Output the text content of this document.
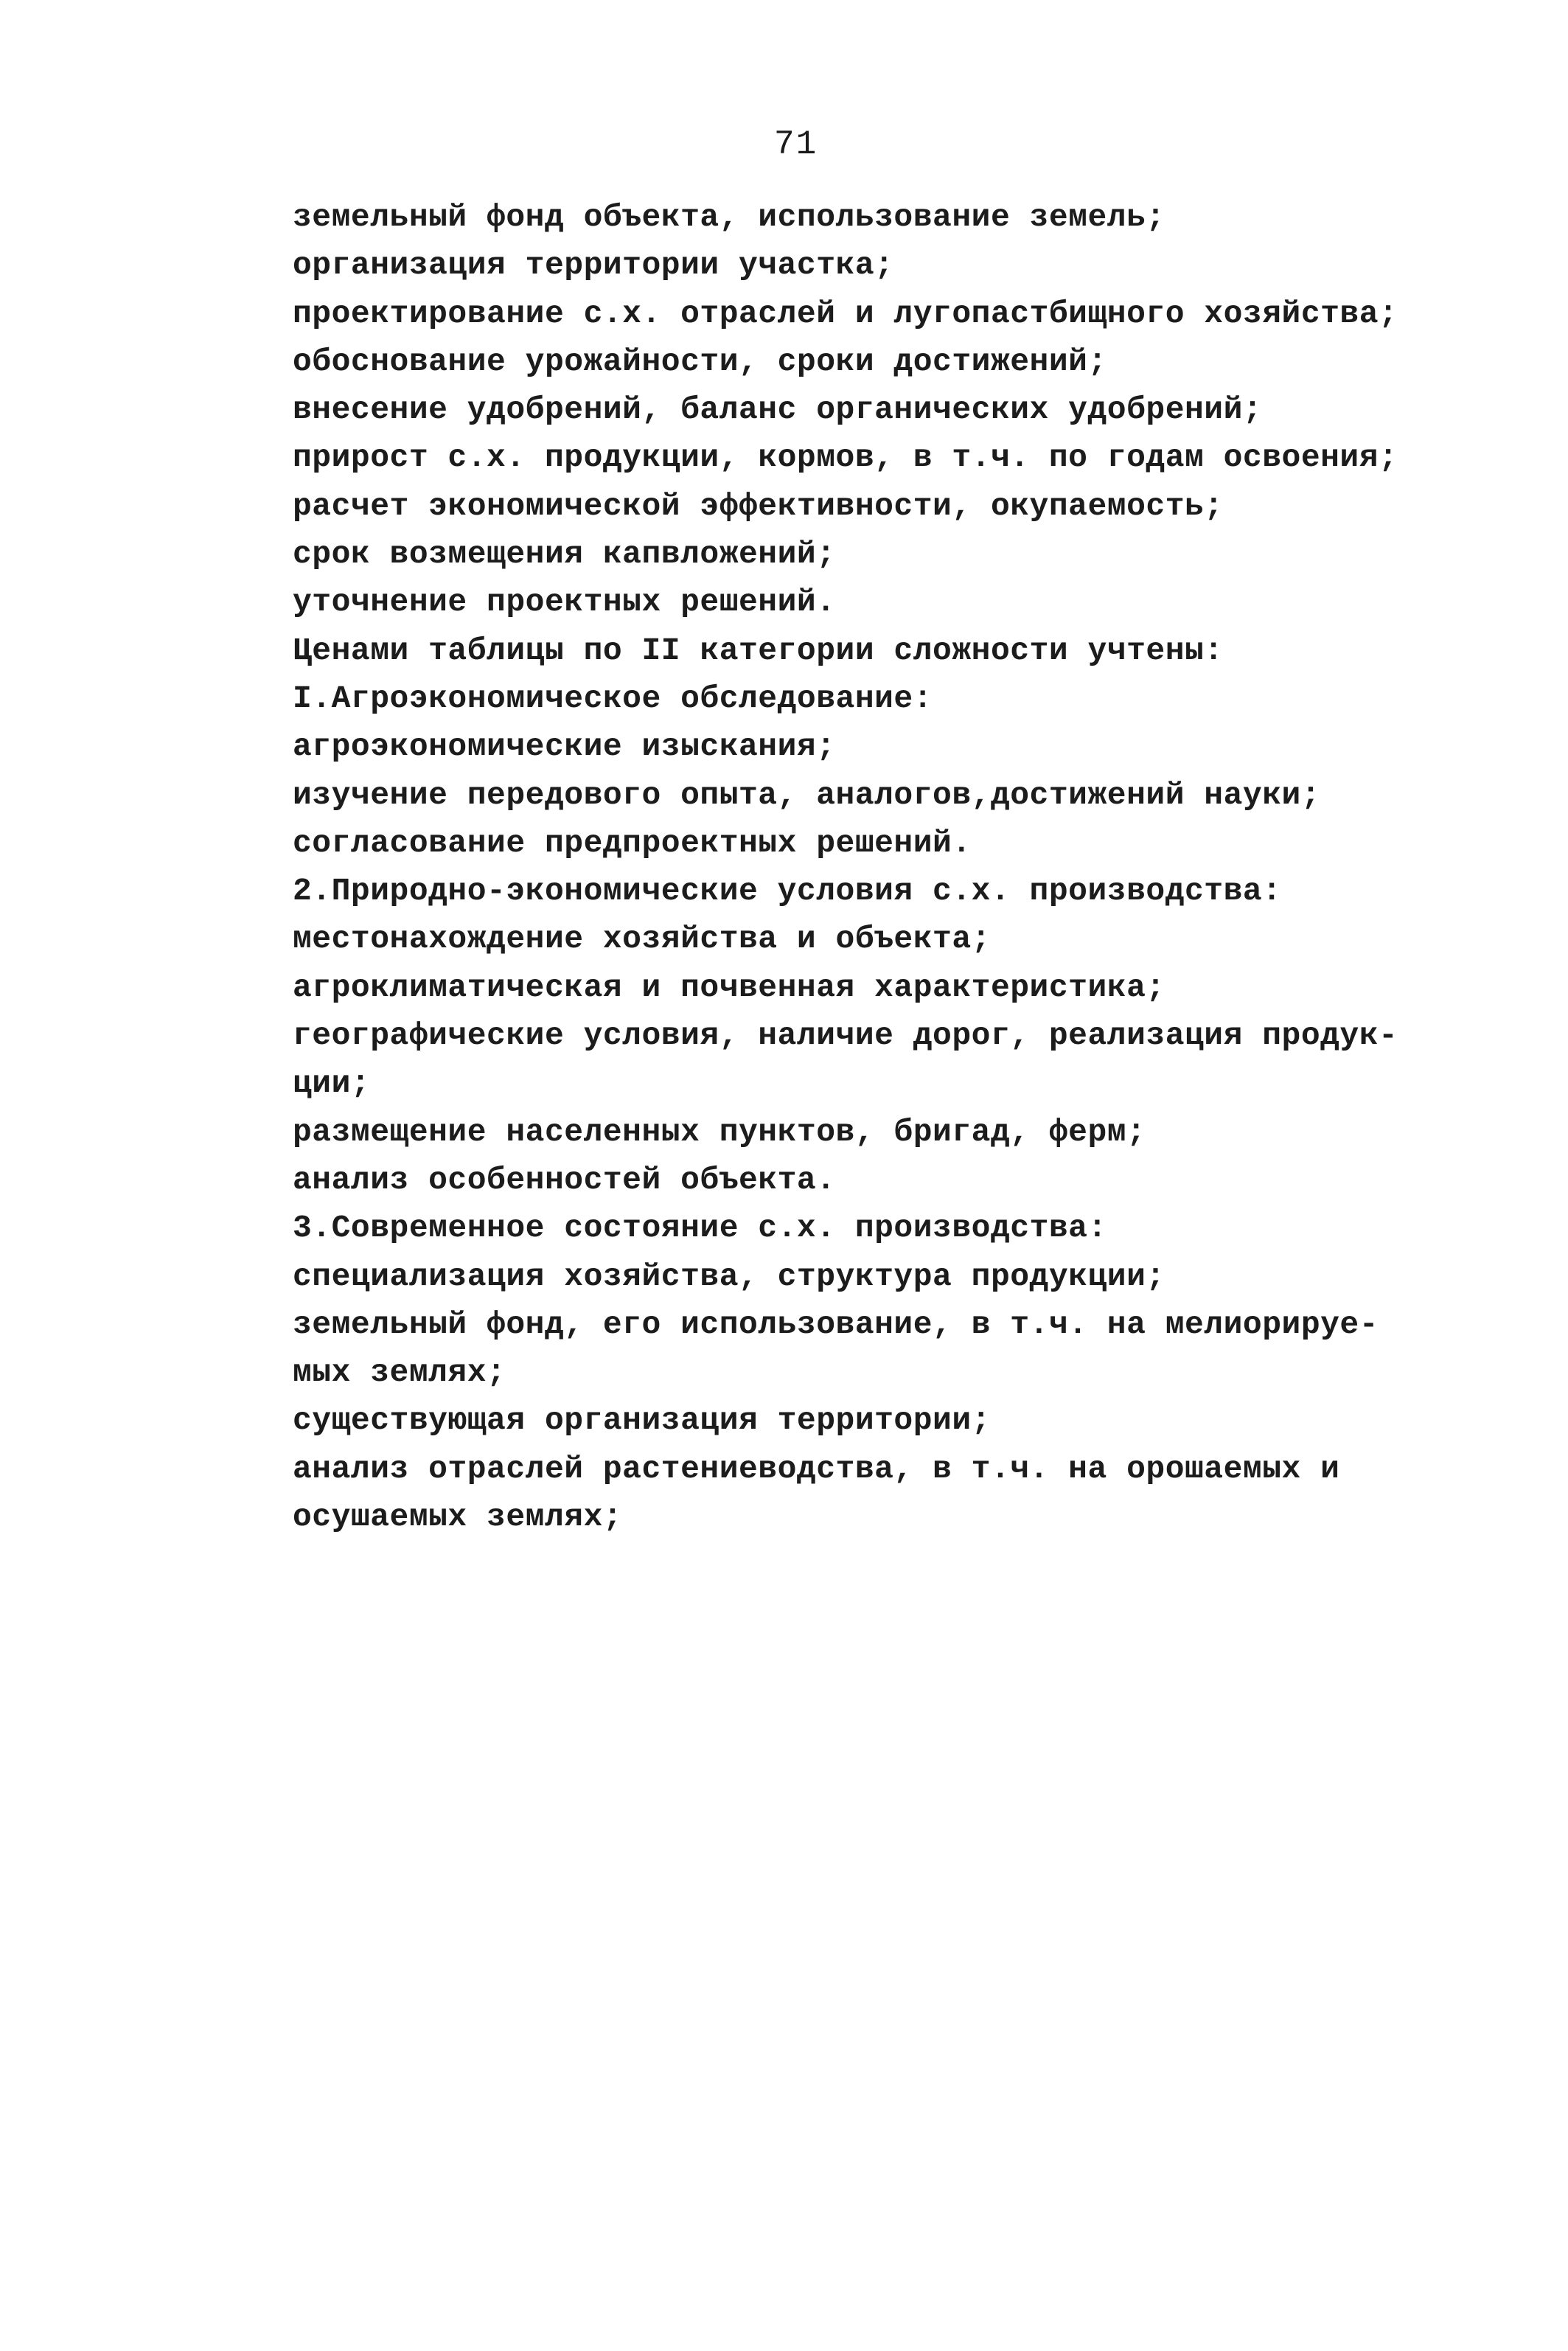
71
земельный фонд объекта, использование земель;
организация территории участка;
проектирование с.х. отраслей и лугопастбищного хозяйства;
обоснование урожайности, сроки достижений;
внесение удобрений, баланс органических удобрений;
прирост с.х. продукции, кормов, в т.ч. по годам освоения;
расчет экономической эффективности, окупаемость;
срок возмещения капвложений;
уточнение проектных решений.
Ценами таблицы по II категории сложности учтены:
I.Агроэкономическое обследование:
агроэкономические изыскания;
изучение передового опыта, аналогов,достижений науки;
согласование предпроектных решений.
2.Природно-экономические условия с.х. производства:
местонахождение хозяйства и объекта;
агроклиматическая и почвенная характеристика;
географические условия, наличие дорог, реализация продук-
ции;
размещение населенных пунктов, бригад, ферм;
анализ особенностей объекта.
3.Современное состояние с.х. производства:
специализация хозяйства, структура продукции;
земельный фонд, его использование, в т.ч. на мелиорируе-
мых землях;
существующая организация территории;
анализ отраслей растениеводства, в т.ч. на орошаемых и
осушаемых землях;
